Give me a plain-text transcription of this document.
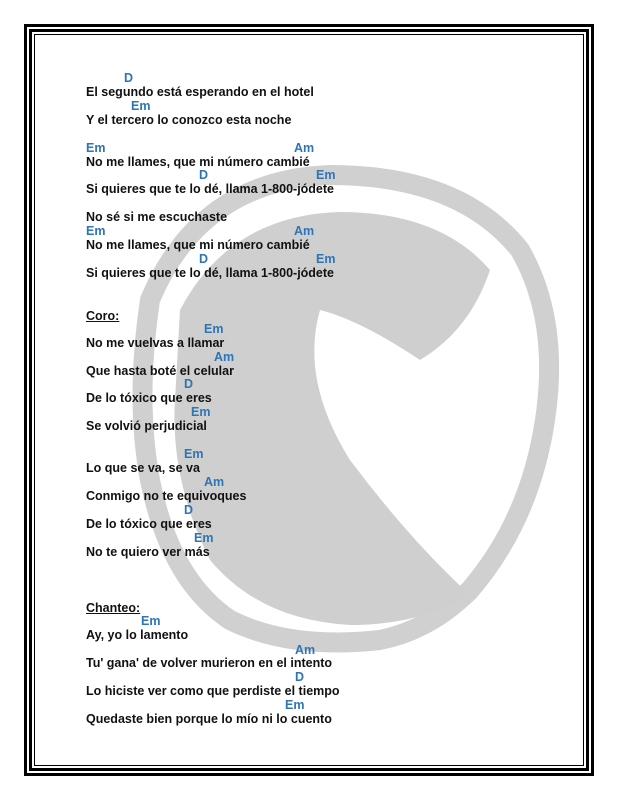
D
El segundo está esperando en el hotel
Em
Y el tercero lo conozco esta noche
Em	Am
No me llames, que mi número cambié
D	Em
Si quieres que te lo dé, llama 1-800-jódete
No sé si me escuchaste
Em	Am
No me llames, que mi número cambié
D	Em
Si quieres que te lo dé, llama 1-800-jódete
Coro:
Em
No me vuelvas a llamar
Am
Que hasta boté el celular
D
De lo tóxico que eres
Em
Se volvió perjudicial
Em
Lo que se va, se va
Am
Conmigo no te equivoques
D
De lo tóxico que eres
Em
No te quiero ver más
Chanteo:
Em
Ay, yo lo lamento
Am
Tu' gana' de volver murieron en el intento
D
Lo hiciste ver como que perdiste el tiempo
Em
Quedaste bien porque lo mío ni lo cuento
